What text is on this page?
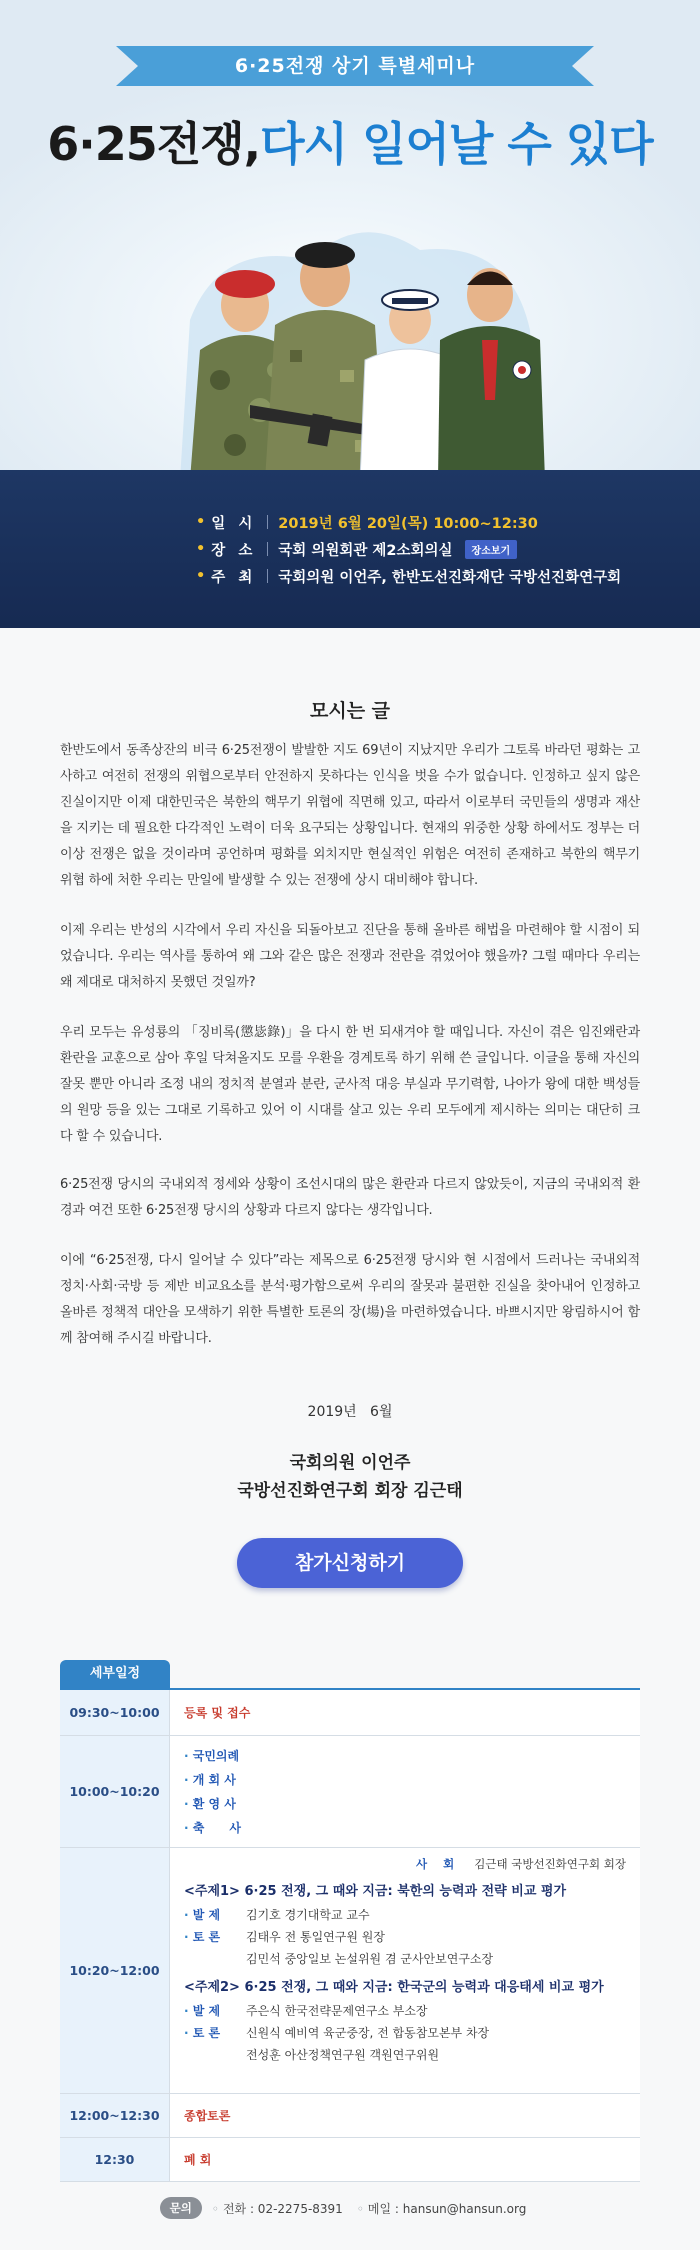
6·25전쟁 상기 특별세미나
6·25전쟁,다시 일어날 수 있다
• 일 시	2019년 6월 20일(목) 10:00~12:30
• 장 소	국회 의원회관 제2소회의실	장소보기
• 주 최	국회의원 이언주, 한반도선진화재단 국방선진화연구회
모시는 글

한반도에서 동족상잔의 비극 6·25전쟁이 발발한 지도 69년이 지났지만 우리가 그토록 바라던 평화는 고사하고 여전히 전쟁의 위협으로부터 안전하지 못하다는 인식을 벗을 수가 없습니다. 인정하고 싶지 않은 진실이지만 이제 대한민국은 북한의 핵무기 위협에 직면해 있고, 따라서 이로부터 국민들의 생명과 재산을 지키는 데 필요한 다각적인 노력이 더욱 요구되는 상황입니다. 현재의 위중한 상황 하에서도 정부는 더 이상 전쟁은 없을 것이라며 공언하며 평화를 외치지만 현실적인 위험은 여전히 존재하고 북한의 핵무기 위협 하에 처한 우리는 만일에 발생할 수 있는 전쟁에 상시 대비해야 합니다.

이제 우리는 반성의 시각에서 우리 자신을 되돌아보고 진단을 통해 올바른 해법을 마련해야 할 시점이 되었습니다. 우리는 역사를 통하여 왜 그와 같은 많은 전쟁과 전란을 겪었어야 했을까? 그럴 때마다 우리는 왜 제대로 대처하지 못했던 것일까?

우리 모두는 유성룡의 「징비록(懲毖錄)」을 다시 한 번 되새겨야 할 때입니다. 자신이 겪은 임진왜란과 환란을 교훈으로 삼아 후일 닥쳐올지도 모를 우환을 경계토록 하기 위해 쓴 글입니다. 이글을 통해 자신의 잘못 뿐만 아니라 조정 내의 정치적 분열과 분란, 군사적 대응 부실과 무기력함, 나아가 왕에 대한 백성들의 원망 등을 있는 그대로 기록하고 있어 이 시대를 살고 있는 우리 모두에게 제시하는 의미는 대단히 크다 할 수 있습니다.

6·25전쟁 당시의 국내외적 정세와 상황이 조선시대의 많은 환란과 다르지 않았듯이, 지금의 국내외적 환경과 여건 또한 6·25전쟁 당시의 상황과 다르지 않다는 생각입니다.

이에 “6·25전쟁, 다시 일어날 수 있다”라는 제목으로 6·25전쟁 당시와 현 시점에서 드러나는 국내외적 정치·사회·국방 등 제반 비교요소를 분석·평가함으로써 우리의 잘못과 불편한 진실을 찾아내어 인정하고 올바른 정책적 대안을 모색하기 위한 특별한 토론의 장(場)을 마련하였습니다. 바쁘시지만 왕림하시어 함께 참여해 주시길 바랍니다.

2019년   6월
국회의원 이언주
국방선진화연구회 회장 김근태
참가신청하기
세부일정
09:30~10:00	등록 및 접수
10:00~10:20
· 국민의례
· 개 회 사
· 환 영 사
· 축      사
10:20~12:00
사 회 김근태 국방선진화연구회 회장
<주제1> 6·25 전쟁, 그 때와 지금: 북한의 능력과 전략 비교 평가
· 발 제	김기호 경기대학교 교수
· 토 론	김태우 전 통일연구원 원장
김민석 중앙일보 논설위원 겸 군사안보연구소장
<주제2> 6·25 전쟁, 그 때와 지금: 한국군의 능력과 대응태세 비교 평가
· 발 제	주은식 한국전략문제연구소 부소장
· 토 론	신원식 예비역 육군중장, 전 합동참모본부 차장
전성훈 아산정책연구원 객원연구위원
12:00~12:30	종합토론
12:30	폐 회
문의	◦ 전화 : 02-2275-8391 ◦ 메일 : hansun@hansun.org
